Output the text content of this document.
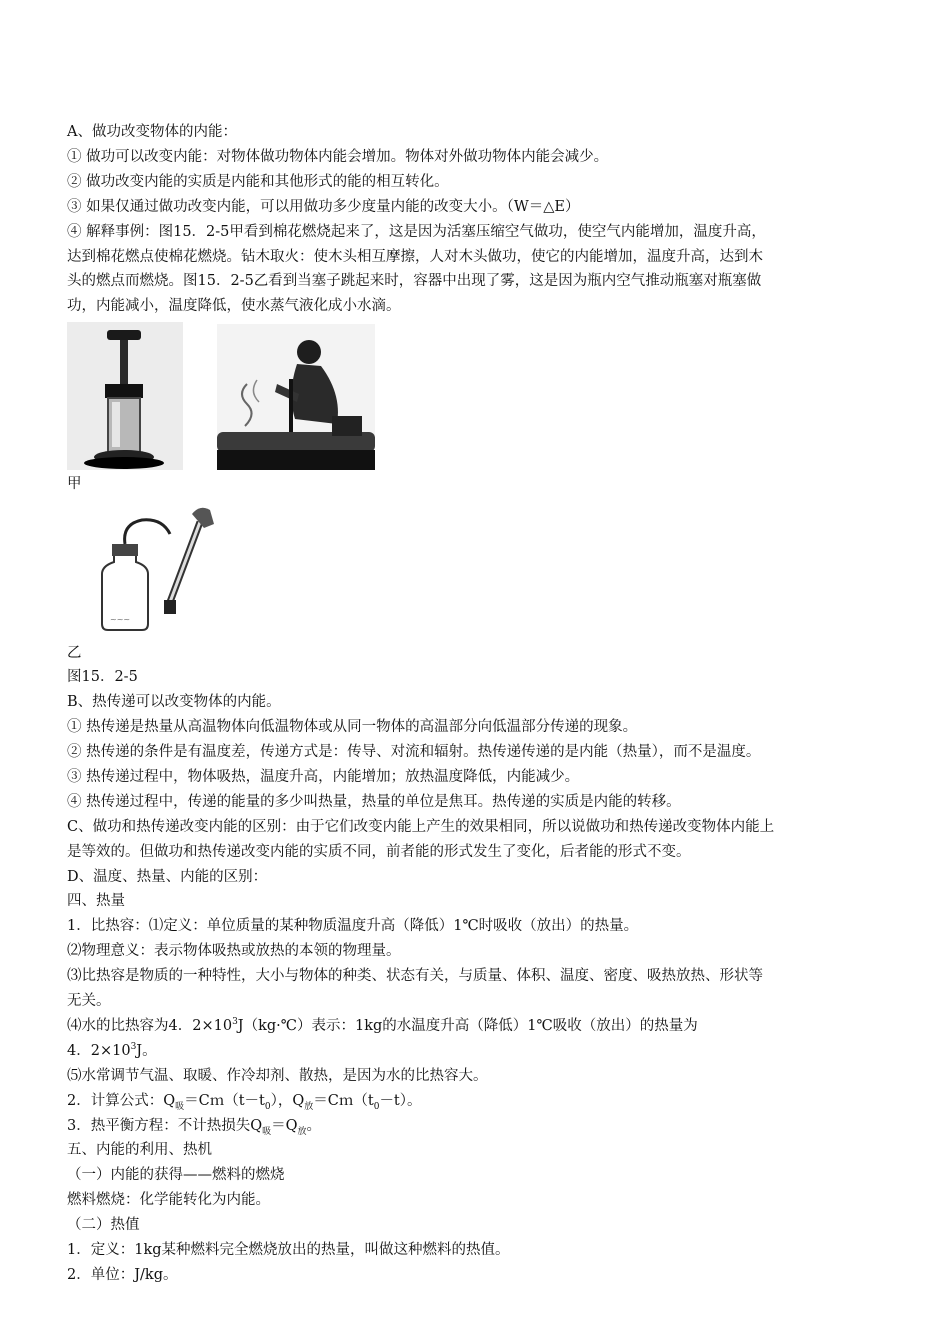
A、做功改变物体的内能：
① 做功可以改变内能：对物体做功物体内能会增加。物体对外做功物体内能会减少。
② 做功改变内能的实质是内能和其他形式的能的相互转化。
③ 如果仅通过做功改变内能，可以用做功多少度量内能的改变大小。（W＝△E）
④ 解释事例：图15．2-5甲看到棉花燃烧起来了，这是因为活塞压缩空气做功，使空气内能增加，温度升高，
达到棉花燃点使棉花燃烧。钻木取火：使木头相互摩擦，人对木头做功，使它的内能增加，温度升高，达到木
头的燃点而燃烧。图15．2-5乙看到当塞子跳起来时，容器中出现了雾，这是因为瓶内空气推动瓶塞对瓶塞做
功，内能减小，温度降低，使水蒸气液化成小水滴。
甲
~~~
乙
图15．2-5
B、热传递可以改变物体的内能。
① 热传递是热量从高温物体向低温物体或从同一物体的高温部分向低温部分传递的现象。
② 热传递的条件是有温度差，传递方式是：传导、对流和辐射。热传递传递的是内能（热量），而不是温度。
③ 热传递过程中，物体吸热，温度升高，内能增加；放热温度降低，内能减少。
④ 热传递过程中，传递的能量的多少叫热量，热量的单位是焦耳。热传递的实质是内能的转移。
C、做功和热传递改变内能的区别：由于它们改变内能上产生的效果相同，所以说做功和热传递改变物体内能上
是等效的。但做功和热传递改变内能的实质不同，前者能的形式发生了变化，后者能的形式不变。
D、温度、热量、内能的区别：
四、热量
1．比热容：⑴定义：单位质量的某种物质温度升高（降低）1℃时吸收（放出）的热量。
⑵物理意义：表示物体吸热或放热的本领的物理量。
⑶比热容是物质的一种特性，大小与物体的种类、状态有关，与质量、体积、温度、密度、吸热放热、形状等
无关。
⑷水的比热容为4．$2\times 10^3J(kg\cdot℃)$表示：1kg的水温度升高（降低）1℃吸收（放出）的热量为
4．$2\times 10^3J$。
⑸水常调节气温、取暖、作冷却剂、散热，是因为水的比热容大。
2．计算公式：$Q_吸=Cm(t-t_0)$，$Q_放=Cm(t_0-t)$。
3．热平衡方程：不计热损失$Q_吸=Q_放$。
五、内能的利用、热机
（一）内能的获得——燃料的燃烧
燃料燃烧：化学能转化为内能。
（二）热值
1．定义：1kg某种燃料完全燃烧放出的热量，叫做这种燃料的热值。
2．单位：J/kg。
